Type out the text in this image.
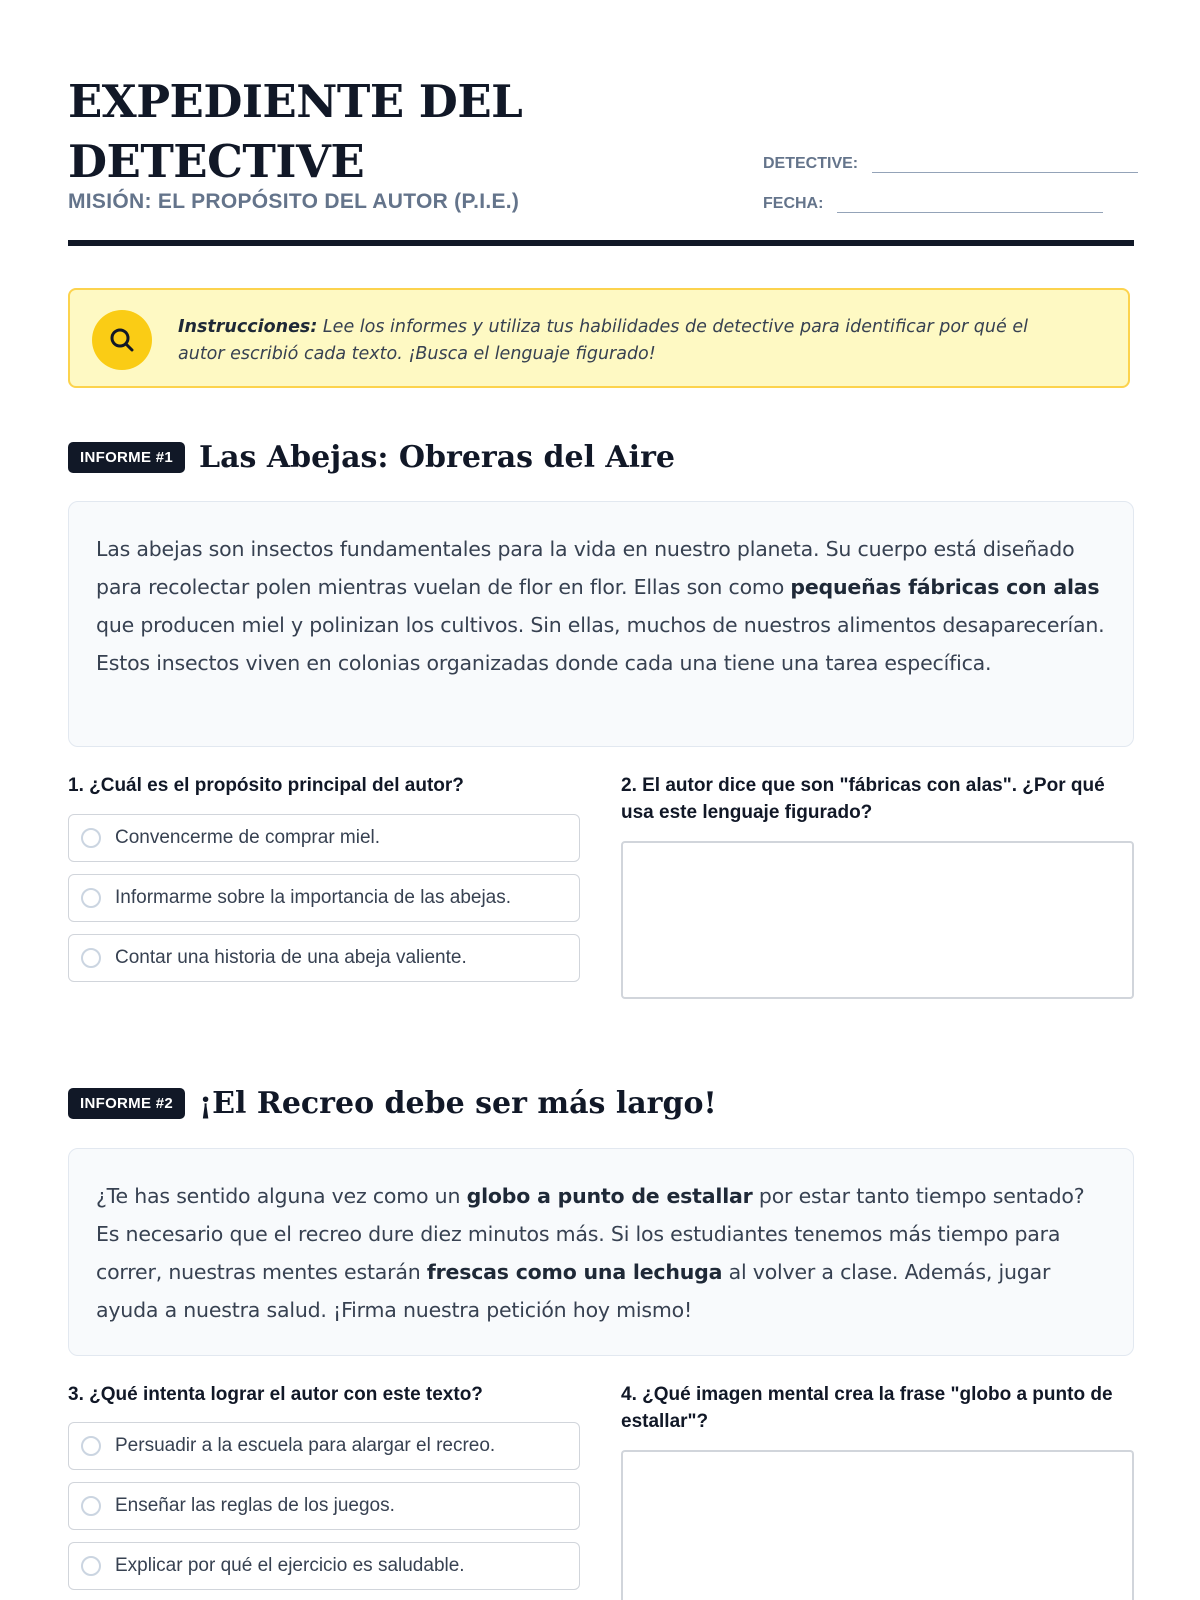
EXPEDIENTE DEL
DETECTIVE
MISIÓN: EL PROPÓSITO DEL AUTOR (P.I.E.)
DETECTIVE:
FECHA:
Instrucciones: Lee los informes y utiliza tus habilidades de detective para identificar por qué el autor escribió cada texto. ¡Busca el lenguaje figurado!
INFORME #1 Las Abejas: Obreras del Aire
Las abejas son insectos fundamentales para la vida en nuestro planeta. Su cuerpo está diseñado para recolectar polen mientras vuelan de flor en flor. Ellas son como pequeñas fábricas con alas que producen miel y polinizan los cultivos. Sin ellas, muchos de nuestros alimentos desaparecerían. Estos insectos viven en colonias organizadas donde cada una tiene una tarea específica.
1. ¿Cuál es el propósito principal del autor?
Convencerme de comprar miel.
Informarme sobre la importancia de las abejas.
Contar una historia de una abeja valiente.
2. El autor dice que son "fábricas con alas". ¿Por qué usa este lenguaje figurado?
INFORME #2 ¡El Recreo debe ser más largo!
¿Te has sentido alguna vez como un globo a punto de estallar por estar tanto tiempo sentado? Es necesario que el recreo dure diez minutos más. Si los estudiantes tenemos más tiempo para correr, nuestras mentes estarán frescas como una lechuga al volver a clase. Además, jugar ayuda a nuestra salud. ¡Firma nuestra petición hoy mismo!
3. ¿Qué intenta lograr el autor con este texto?
Persuadir a la escuela para alargar el recreo.
Enseñar las reglas de los juegos.
Explicar por qué el ejercicio es saludable.
4. ¿Qué imagen mental crea la frase "globo a punto de estallar"?
